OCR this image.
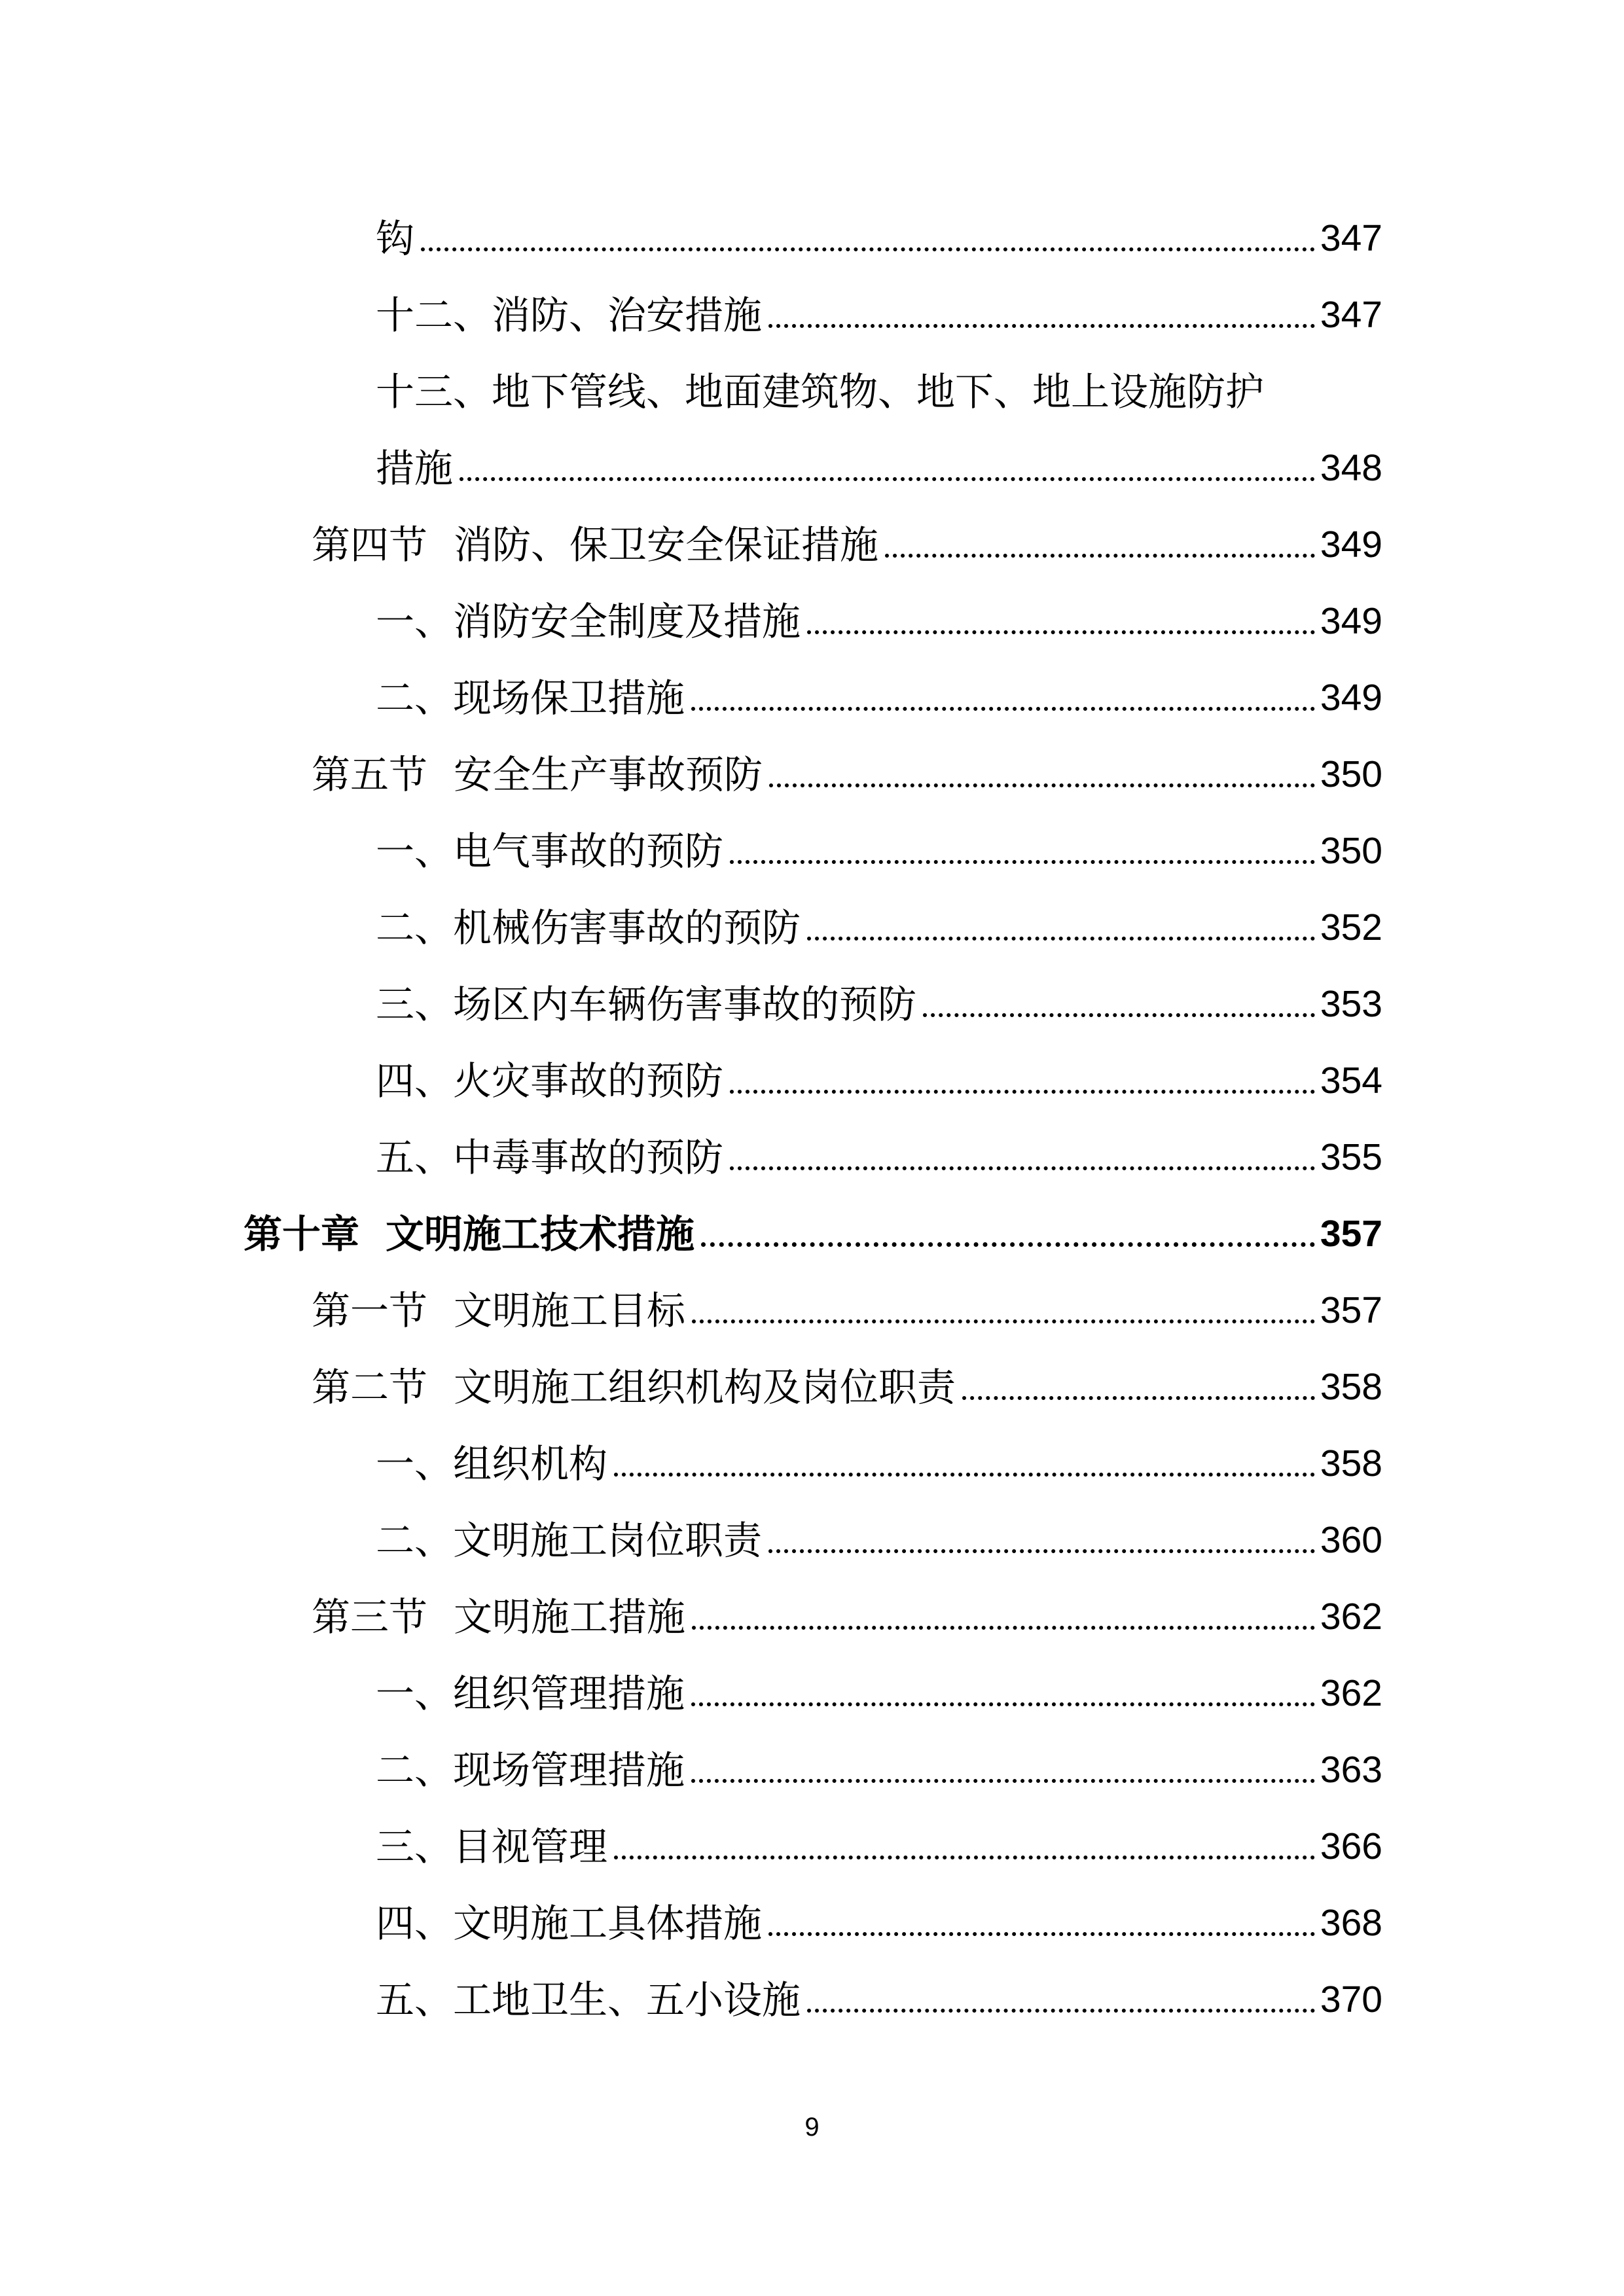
钩	347
十二、消防、治安措施	347
十三、地下管线、地面建筑物、地下、地上设施防护
措施	348
第四节 消防、保卫安全保证措施	349
一、消防安全制度及措施	349
二、现场保卫措施	349
第五节 安全生产事故预防	350
一、电气事故的预防	350
二、机械伤害事故的预防	352
三、场区内车辆伤害事故的预防	353
四、火灾事故的预防	354
五、中毒事故的预防	355
第十章 文明施工技术措施	357
第一节 文明施工目标	357
第二节 文明施工组织机构及岗位职责	358
一、组织机构	358
二、文明施工岗位职责	360
第三节 文明施工措施	362
一、组织管理措施	362
二、现场管理措施	363
三、目视管理	366
四、文明施工具体措施	368
五、工地卫生、五小设施	370
9
